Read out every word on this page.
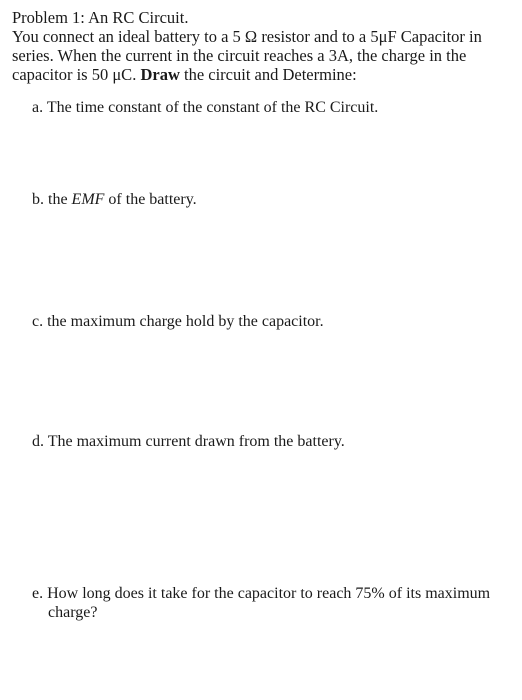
Problem 1: An RC Circuit.

You connect an ideal battery to a 5 Ω resistor and to a 5μF Capacitor in
series. When the current in the circuit reaches a 3A, the charge in the
capacitor is 50 μC. Draw the circuit and Determine:

a. The time constant of the constant of the RC Circuit.

b. the EMF of the battery.

c. the maximum charge hold by the capacitor.

d. The maximum current drawn from the battery.

e. How long does it take for the capacitor to reach 75% of its maximum
charge?
